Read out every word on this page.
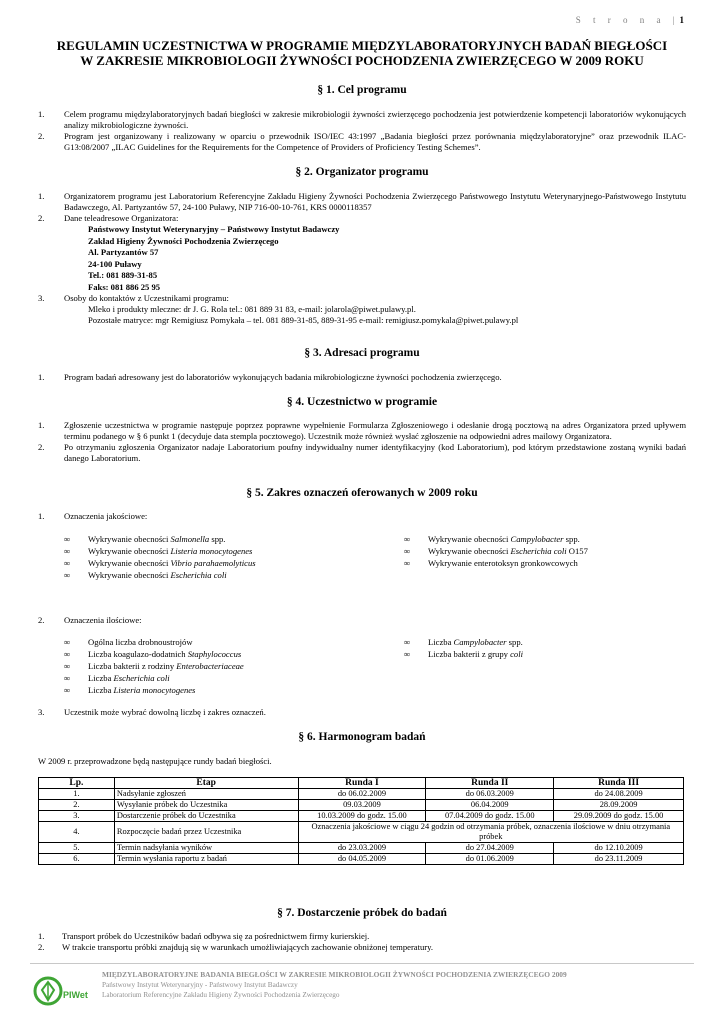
S t r o n a |1
REGULAMIN UCZESTNICTWA W PROGRAMIE MIĘDZYLABORATORYJNYCH BADAŃ BIEGŁOŚCI
W ZAKRESIE MIKROBIOLOGII ŻYWNOŚCI POCHODZENIA ZWIERZĘCEGO W 2009 ROKU
§ 1. Cel programu
1. Celem programu międzylaboratoryjnych badań biegłości w zakresie mikrobiologii żywności zwierzęcego pochodzenia jest potwierdzenie kompetencji laboratoriów wykonujących analizy mikrobiologiczne żywności.
2. Program jest organizowany i realizowany w oparciu o przewodnik ISO/IEC 43:1997 „Badania biegłości przez porównania międzylaboratoryjne” oraz przewodnik ILAC-G13:08/2007 „ILAC Guidelines for the Requirements for the Competence of Providers of Proficiency Testing Schemes”.
§ 2. Organizator programu
1. Organizatorem programu jest Laboratorium Referencyjne Zakładu Higieny Żywności Pochodzenia Zwierzęcego Państwowego Instytutu Weterynaryjnego-Państwowego Instytutu Badawczego, Al. Partyzantów 57, 24-100 Puławy, NIP 716-00-10-761, KRS 0000118357
2. Dane teleadresowe Organizatora:
Państwowy Instytut Weterynaryjny – Państwowy Instytut Badawczy
Zakład Higieny Żywności Pochodzenia Zwierzęcego
Al. Partyzantów 57
24-100 Puławy
Tel.: 081 889-31-85
Faks: 081 886 25 95
3. Osoby do kontaktów z Uczestnikami programu:
Mleko i produkty mleczne: dr J. G. Rola tel.: 081 889 31 83, e-mail: jolarola@piwet.pulawy.pl.
Pozostałe matryce: mgr Remigiusz Pomykała – tel. 081 889-31-85, 889-31-95 e-mail: remigiusz.pomykala@piwet.pulawy.pl
§ 3. Adresaci programu
1. Program badań adresowany jest do laboratoriów wykonujących badania mikrobiologiczne żywności pochodzenia zwierzęcego.
§ 4. Uczestnictwo w programie
1. Zgłoszenie uczestnictwa w programie następuje poprzez poprawne wypełnienie Formularza Zgłoszeniowego i odesłanie drogą pocztową na adres Organizatora przed upływem terminu podanego w § 6 punkt 1 (decyduje data stempla pocztowego). Uczestnik może również wysłać zgłoszenie na odpowiedni adres mailowy Organizatora.
2. Po otrzymaniu zgłoszenia Organizator nadaje Laboratorium poufny indywidualny numer identyfikacyjny (kod Laboratorium), pod którym przedstawione zostaną wyniki badań danego Laboratorium.
§ 5. Zakres oznaczeń oferowanych w 2009 roku
1. Oznaczenia jakościowe:
∞ Wykrywanie obecności Salmonella spp.
∞ Wykrywanie obecności Listeria monocytogenes
∞ Wykrywanie obecności Vibrio parahaemolyticus
∞ Wykrywanie obecności Escherichia coli
∞ Wykrywanie obecności Campylobacter spp.
∞ Wykrywanie obecności Escherichia coli O157
∞ Wykrywanie enterotoksyn gronkowcowych
2. Oznaczenia ilościowe:
∞ Ogólna liczba drobnoustrojów
∞ Liczba koagulazo-dodatnich Staphylococcus
∞ Liczba bakterii z rodziny Enterobacteriaceae
∞ Liczba Escherichia coli
∞ Liczba Listeria monocytogenes
∞ Liczba Campylobacter spp.
∞ Liczba bakterii z grupy coli
3. Uczestnik może wybrać dowolną liczbę i zakres oznaczeń.
§ 6. Harmonogram badań
W 2009 r. przeprowadzone będą następujące rundy badań biegłości.
Lp.	Etap	Runda I	Runda II	Runda III
1.	Nadsyłanie zgłoszeń	do 06.02.2009	do 06.03.2009	do 24.08.2009
2.	Wysyłanie próbek do Uczestnika	09.03.2009	06.04.2009	28.09.2009
3.	Dostarczenie próbek do Uczestnika	10.03.2009 do godz. 15.00	07.04.2009 do godz. 15.00	29.09.2009 do godz. 15.00
4.	Rozpoczęcie badań przez Uczestnika	Oznaczenia jakościowe w ciągu 24 godzin od otrzymania próbek, oznaczenia ilościowe w dniu otrzymania próbek		
5.	Termin nadsyłania wyników	do 23.03.2009	do 27.04.2009	do 12.10.2009
6.	Termin wysłania raportu z badań	do 04.05.2009	do 01.06.2009	do 23.11.2009
§ 7. Dostarczenie próbek do badań
1. Transport próbek do Uczestników badań odbywa się za pośrednictwem firmy kurierskiej.
2. W trakcie transportu próbki znajdują się w warunkach umożliwiających zachowanie obniżonej temperatury.
PIWet
MIĘDZYLABORATORYJNE BADANIA BIEGŁOŚCI W ZAKRESIE MIKROBIOLOGII ŻYWNOŚCI POCHODZENIA ZWIERZĘCEGO 2009
Państwowy Instytut Weterynaryjny - Państwowy Instytut Badawczy
Laboratorium Referencyjne Zakładu Higieny Żywności Pochodzenia Zwierzęcego
